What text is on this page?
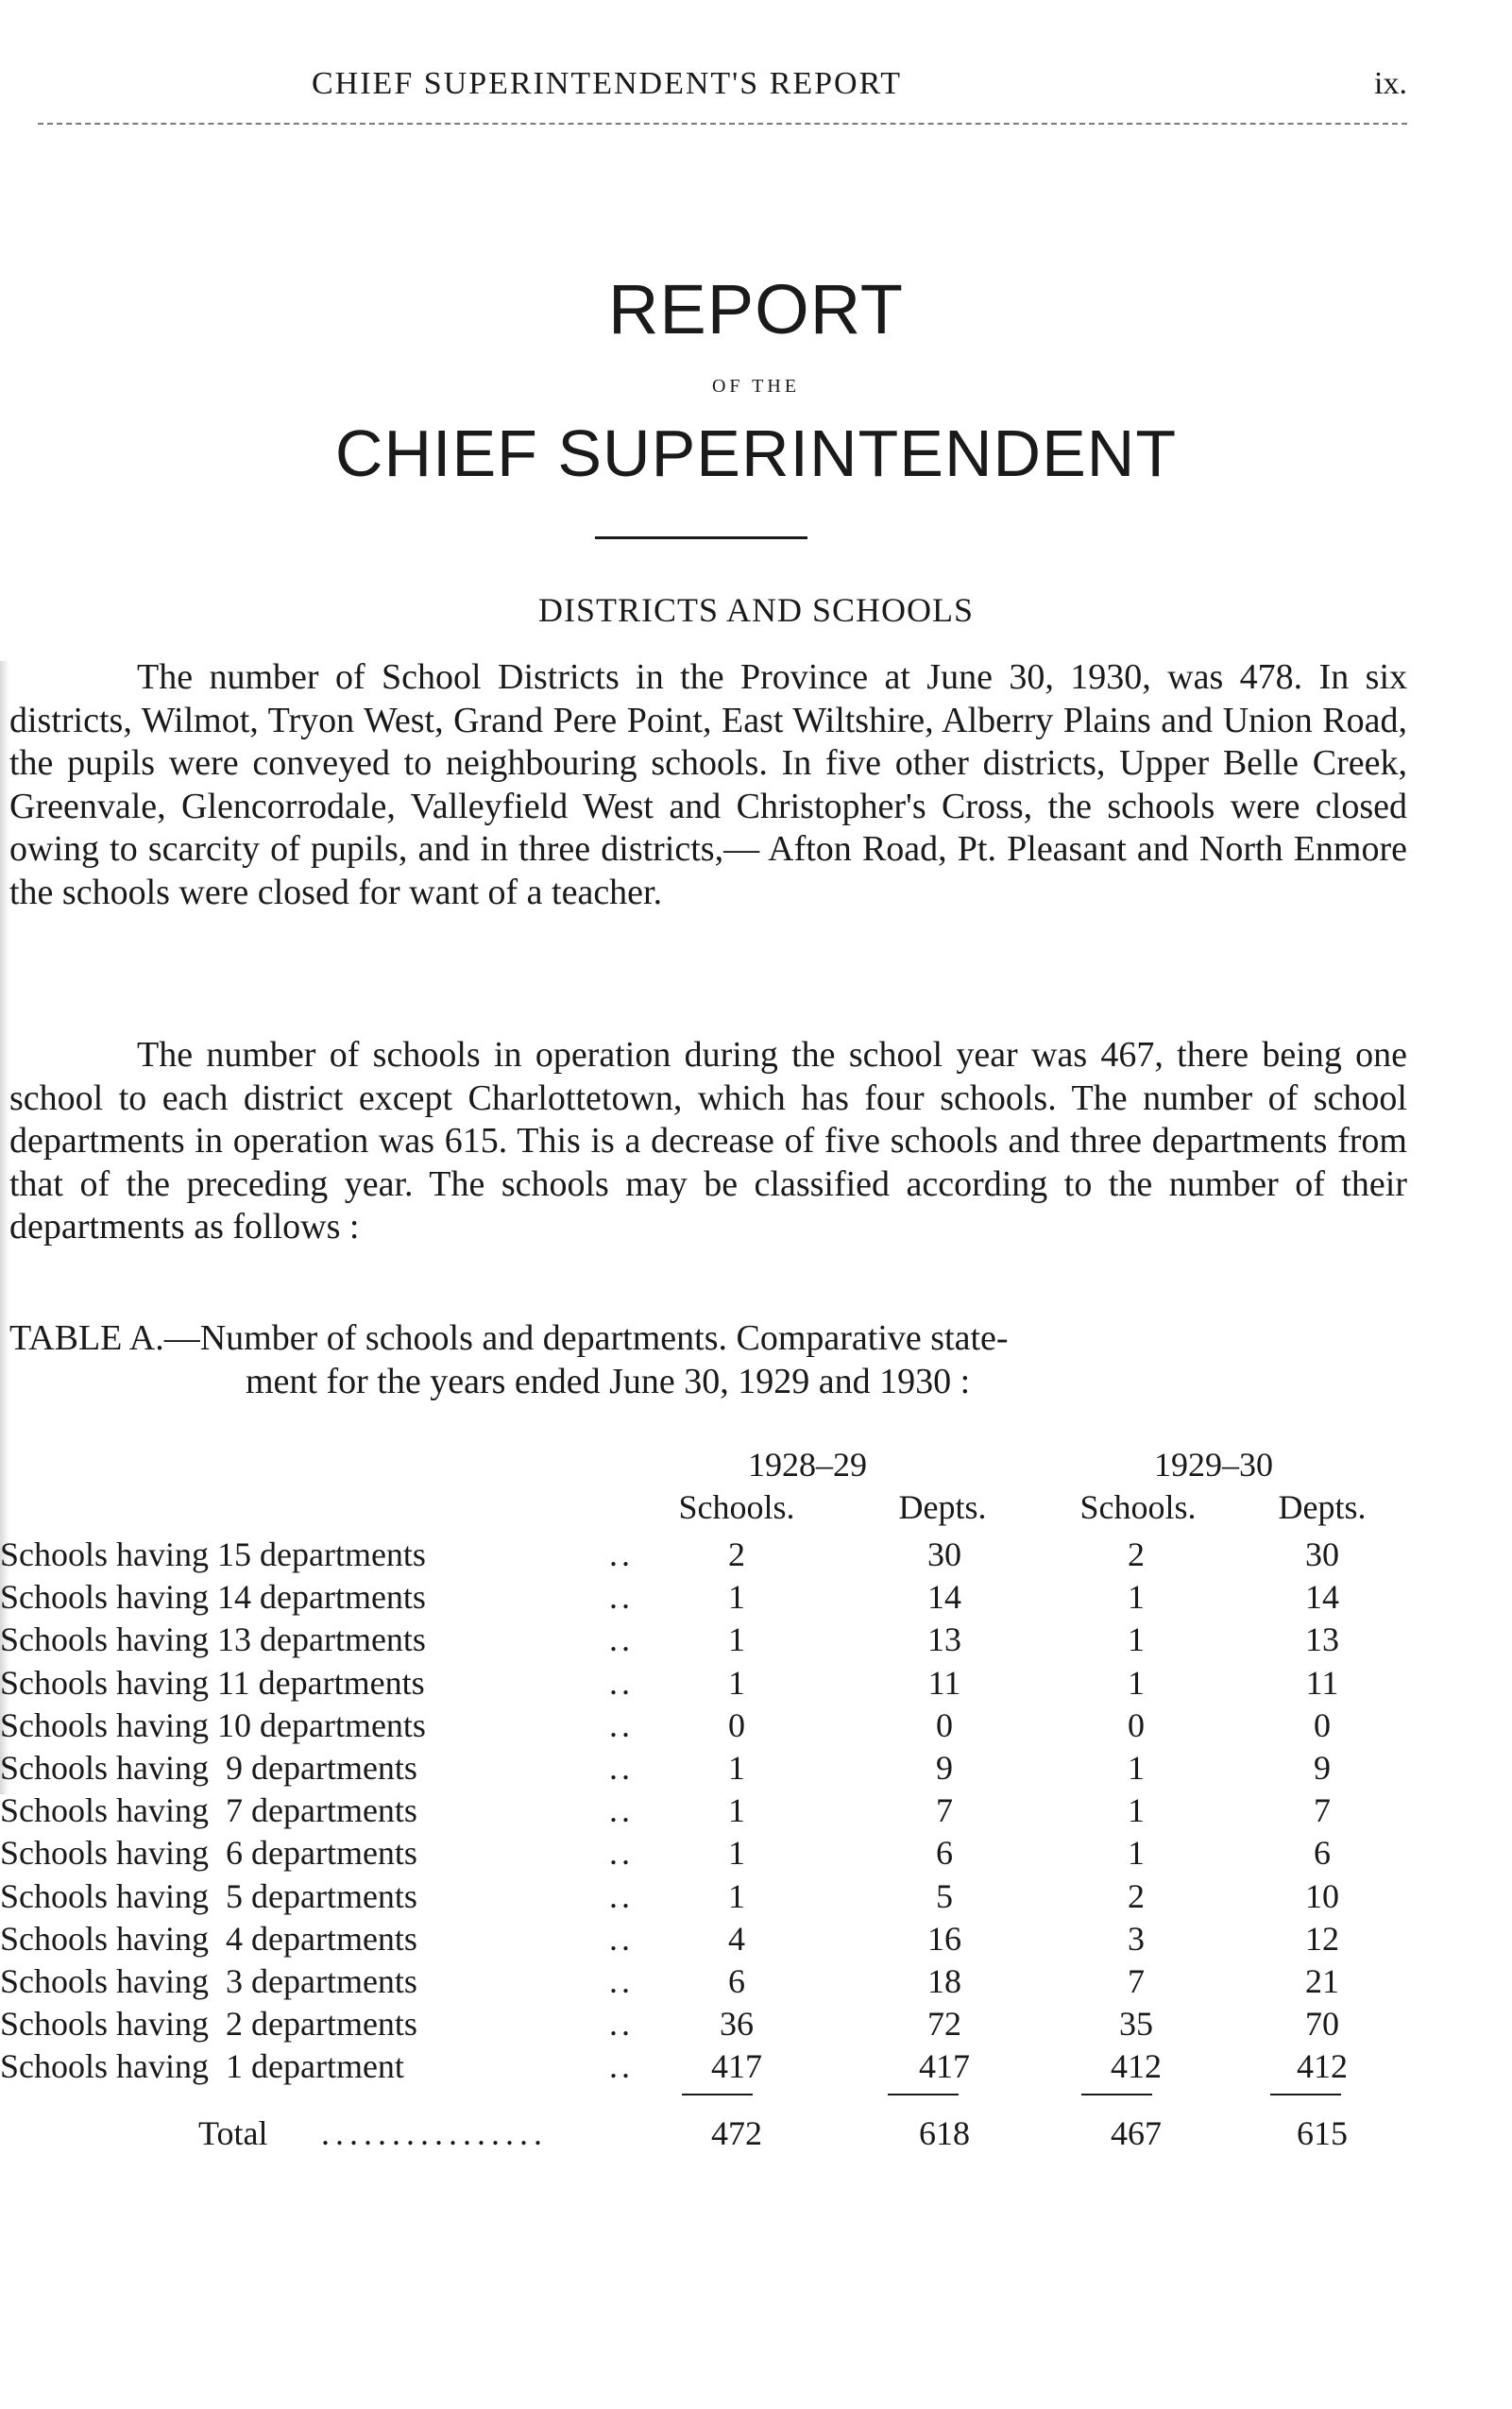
CHIEF SUPERINTENDENT'S REPORT	ix.
REPORT
OF THE
CHIEF SUPERINTENDENT
DISTRICTS AND SCHOOLS

The number of School Districts in the Province at June 30, 1930, was 478. In six districts, Wilmot, Tryon West, Grand Pere Point, East Wiltshire, Alberry Plains and Union Road, the pupils were conveyed to neighbouring schools. In five other districts, Upper Belle Creek, Greenvale, Glencorrodale, Valleyfield West and Christopher's Cross, the schools were closed owing to scarcity of pupils, and in three districts,— Afton Road, Pt. Pleasant and North Enmore the schools were closed for want of a teacher.

The number of schools in operation during the school year was 467, there being one school to each district except Charlottetown, which has four schools. The number of school departments in operation was 615. This is a decrease of five schools and three departments from that of the preceding year. The schools may be classified according to the number of their departments as follows :

TABLE A.—Number of schools and departments. Comparative state-
ment for the years ended June 30, 1929 and 1930 :

1928–29	1929–30
Schools.	Depts.	Schools.	Depts.
Schools having 15 departments	..	2	30	2	30
Schools having 14 departments	..	1	14	1	14
Schools having 13 departments	..	1	13	1	13
Schools having 11 departments	..	1	11	1	11
Schools having 10 departments	..	0	0	0	0
Schools having  9 departments	..	1	9	1	9
Schools having  7 departments	..	1	7	1	7
Schools having  6 departments	..	1	6	1	6
Schools having  5 departments	..	1	5	2	10
Schools having  4 departments	..	4	16	3	12
Schools having  3 departments	..	6	18	7	21
Schools having  2 departments	..	36	72	35	70
Schools having  1 department	..	417	417	412	412
Total ................	472	618	467	615
